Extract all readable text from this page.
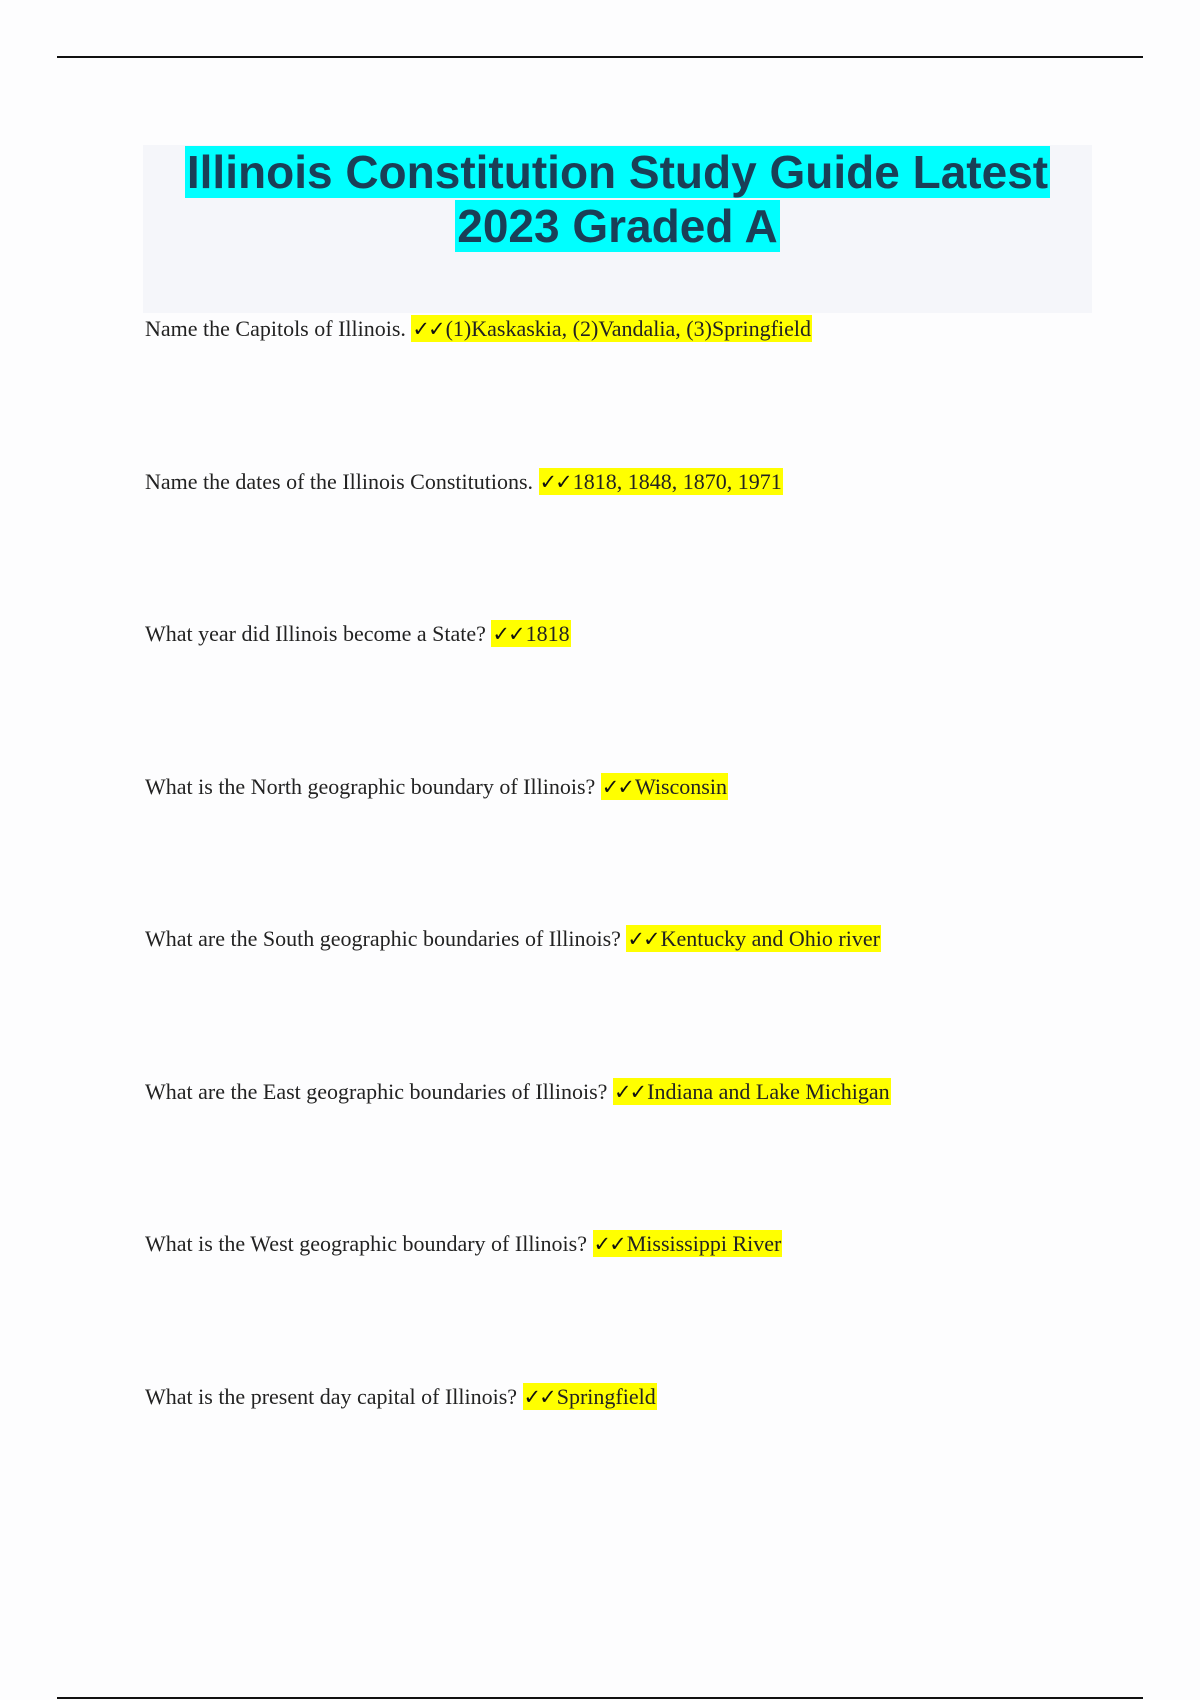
Illinois Constitution Study Guide Latest
2023 Graded A
Name the Capitols of Illinois. ✓✓(1)Kaskaskia, (2)Vandalia, (3)Springfield
Name the dates of the Illinois Constitutions. ✓✓1818, 1848, 1870, 1971
What year did Illinois become a State? ✓✓1818
What is the North geographic boundary of Illinois? ✓✓Wisconsin
What are the South geographic boundaries of Illinois? ✓✓Kentucky and Ohio river
What are the East geographic boundaries of Illinois? ✓✓Indiana and Lake Michigan
What is the West geographic boundary of Illinois? ✓✓Mississippi River
What is the present day capital of Illinois? ✓✓Springfield
